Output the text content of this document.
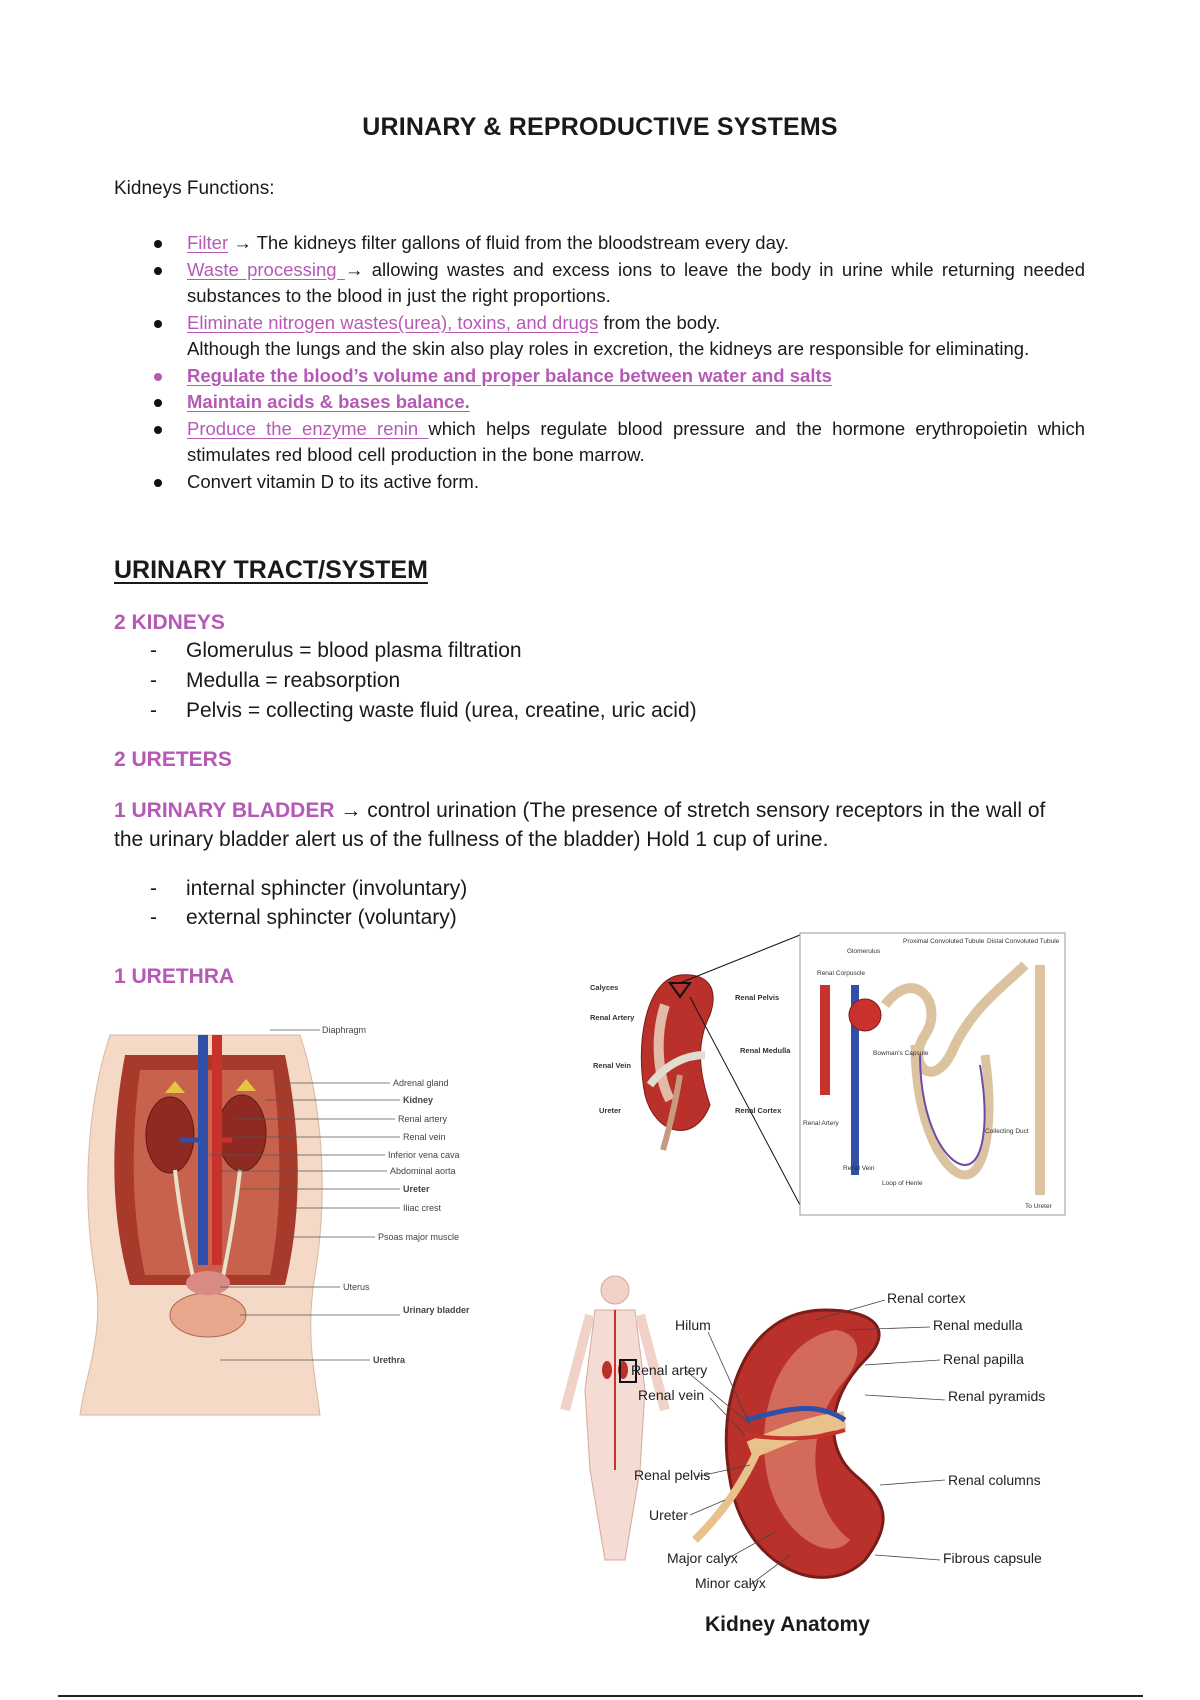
URINARY & REPRODUCTIVE SYSTEMS
Kidneys Functions:
Filter → The kidneys filter gallons of fluid from the bloodstream every day.
Waste processing → allowing wastes and excess ions to leave the body in urine while returning needed substances to the blood in just the right proportions.
Eliminate nitrogen wastes(urea), toxins, and drugs from the body.
Although the lungs and the skin also play roles in excretion, the kidneys are responsible for eliminating.
Regulate the blood’s volume and proper balance between water and salts
Maintain acids & bases balance.
Produce the enzyme renin which helps regulate blood pressure and the hormone erythropoietin which stimulates red blood cell production in the bone marrow.
Convert vitamin D to its active form.
URINARY TRACT/SYSTEM
2 KIDNEYS
- Glomerulus = blood plasma filtration
- Medulla = reabsorption
- Pelvis = collecting waste fluid (urea, creatine, uric acid)
2 URETERS
1 URINARY BLADDER → control urination (The presence of stretch sensory receptors in the wall of the urinary bladder alert us of the fullness of the bladder) Hold 1 cup of urine.
- internal sphincter (involuntary)
- external sphincter (voluntary)
1 URETHRA
Diaphragm
Adrenal gland
Kidney
Renal artery
Renal vein
Inferior vena cava
Abdominal aorta
Ureter
Iliac crest
Psoas major muscle
Uterus
Urinary bladder
Urethra
Calyces
Renal Artery
Renal Vein
Ureter
Renal Pelvis
Renal Medulla
Renal Cortex
Glomerulus
Renal Corpuscle
Proximal Convoluted Tubule Distal Convoluted Tubule
Bowman's Capsule
Renal Artery
Renal Vein
Loop of Henle
Collecting Duct
To Ureter
Hilum
Renal artery
Renal vein
Renal pelvis
Ureter
Major calyx
Minor calyx
Renal cortex
Renal medulla
Renal papilla
Renal pyramids
Renal columns
Fibrous capsule
Kidney Anatomy
